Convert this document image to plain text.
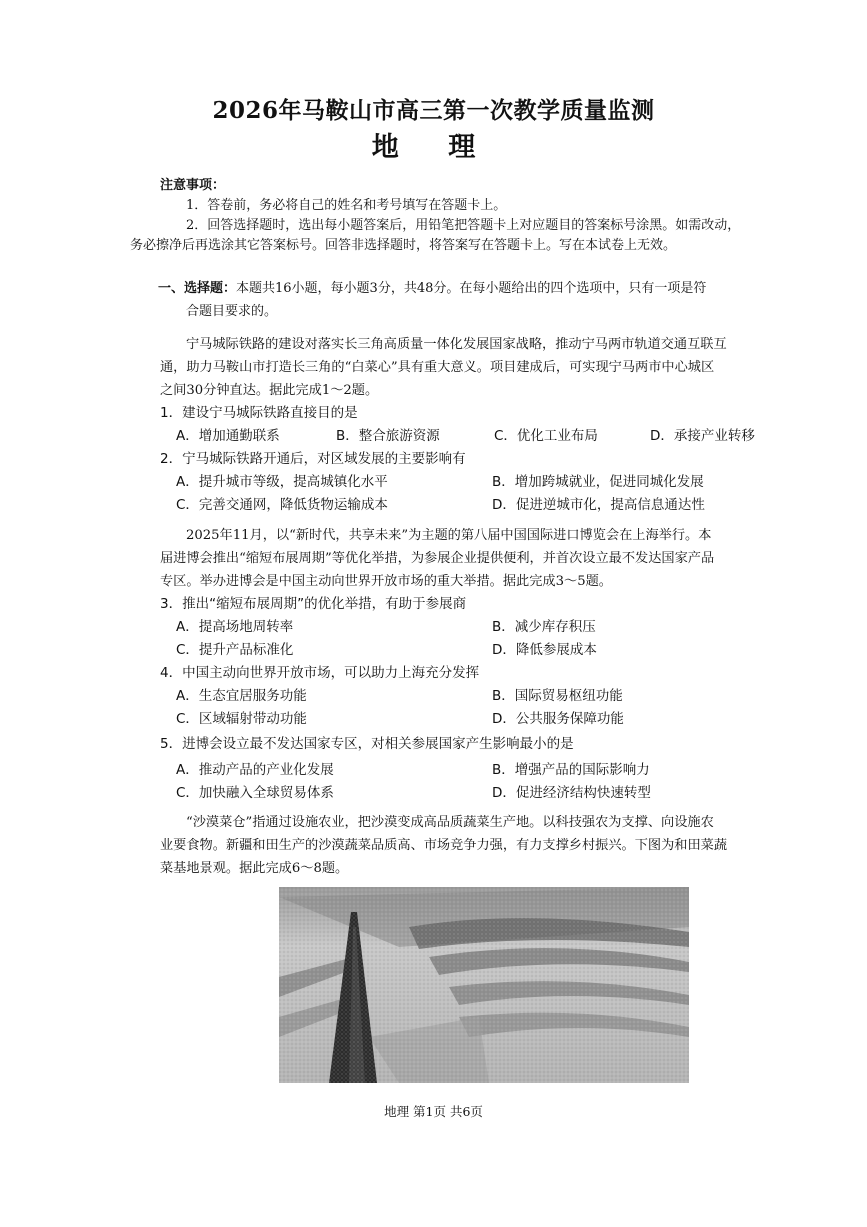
2026年马鞍山市高三第一次教学质量监测
地 理
注意事项：
1．答卷前，务必将自己的姓名和考号填写在答题卡上。
2．回答选择题时，选出每小题答案后，用铅笔把答题卡上对应题目的答案标号涂黑。如需改动，
务必擦净后再选涂其它答案标号。回答非选择题时，将答案写在答题卡上。写在本试卷上无效。
一、选择题：本题共16小题，每小题3分，共48分。在每小题给出的四个选项中，只有一项是符
合题目要求的。
宁马城际铁路的建设对落实长三角高质量一体化发展国家战略，推动宁马两市轨道交通互联互
通，助力马鞍山市打造长三角的“白菜心”具有重大意义。项目建成后，可实现宁马两市中心城区
之间30分钟直达。据此完成1～2题。
1．建设宁马城际铁路直接目的是
A．增加通勤联系	B．整合旅游资源	C．优化工业布局	D．承接产业转移
2．宁马城际铁路开通后，对区域发展的主要影响有
A．提升城市等级，提高城镇化水平	B．增加跨城就业，促进同城化发展
C．完善交通网，降低货物运输成本	D．促进逆城市化，提高信息通达性
2025年11月，以“新时代，共享未来”为主题的第八届中国国际进口博览会在上海举行。本
届进博会推出“缩短布展周期”等优化举措，为参展企业提供便利，并首次设立最不发达国家产品
专区。举办进博会是中国主动向世界开放市场的重大举措。据此完成3～5题。
3．推出“缩短布展周期”的优化举措，有助于参展商
A．提高场地周转率	B．减少库存积压
C．提升产品标准化	D．降低参展成本
4．中国主动向世界开放市场，可以助力上海充分发挥
A．生态宜居服务功能	B．国际贸易枢纽功能
C．区域辐射带动功能	D．公共服务保障功能
5．进博会设立最不发达国家专区，对相关参展国家产生影响最小的是
A．推动产品的产业化发展	B．增强产品的国际影响力
C．加快融入全球贸易体系	D．促进经济结构快速转型
“沙漠菜仓”指通过设施农业，把沙漠变成高品质蔬菜生产地。以科技强农为支撑、向设施农
业要食物。新疆和田生产的沙漠蔬菜品质高、市场竞争力强，有力支撑乡村振兴。下图为和田菜蔬
菜基地景观。据此完成6～8题。
地理 第1页 共6页
